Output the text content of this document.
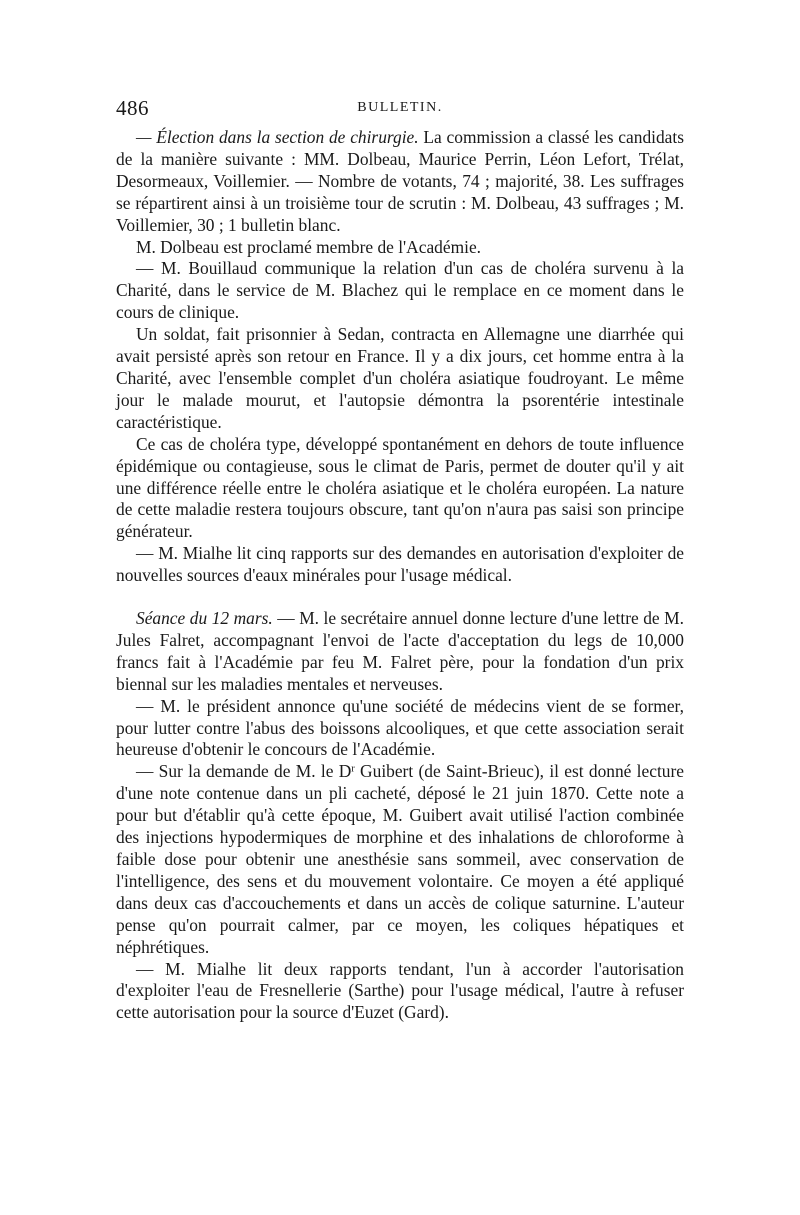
486	BULLETIN.

— Élection dans la section de chirurgie. La commission a classé les candidats de la manière suivante : MM. Dolbeau, Maurice Perrin, Léon Lefort, Trélat, Desormeaux, Voillemier. — Nombre de votants, 74 ; majorité, 38. Les suffrages se répartirent ainsi à un troisième tour de scrutin : M. Dolbeau, 43 suffrages ; M. Voillemier, 30 ; 1 bulletin blanc.

M. Dolbeau est proclamé membre de l'Académie.

— M. Bouillaud communique la relation d'un cas de choléra survenu à la Charité, dans le service de M. Blachez qui le remplace en ce moment dans le cours de clinique.

Un soldat, fait prisonnier à Sedan, contracta en Allemagne une diarrhée qui avait persisté après son retour en France. Il y a dix jours, cet homme entra à la Charité, avec l'ensemble complet d'un choléra asiatique foudroyant. Le même jour le malade mourut, et l'autopsie démontra la psorentérie intestinale caractéristique.

Ce cas de choléra type, développé spontanément en dehors de toute influence épidémique ou contagieuse, sous le climat de Paris, permet de douter qu'il y ait une différence réelle entre le choléra asiatique et le choléra européen. La nature de cette maladie restera toujours obscure, tant qu'on n'aura pas saisi son principe générateur.

— M. Mialhe lit cinq rapports sur des demandes en autorisation d'exploiter de nouvelles sources d'eaux minérales pour l'usage médical.

Séance du 12 mars. — M. le secrétaire annuel donne lecture d'une lettre de M. Jules Falret, accompagnant l'envoi de l'acte d'acceptation du legs de 10,000 francs fait à l'Académie par feu M. Falret père, pour la fondation d'un prix biennal sur les maladies mentales et nerveuses.

— M. le président annonce qu'une société de médecins vient de se former, pour lutter contre l'abus des boissons alcooliques, et que cette association serait heureuse d'obtenir le concours de l'Académie.

— Sur la demande de M. le $D^r$ Guibert (de Saint-Brieuc), il est donné lecture d'une note contenue dans un pli cacheté, déposé le 21 juin 1870. Cette note a pour but d'établir qu'à cette époque, M. Guibert avait utilisé l'action combinée des injections hypodermiques de morphine et des inhalations de chloroforme à faible dose pour obtenir une anesthésie sans sommeil, avec conservation de l'intelligence, des sens et du mouvement volontaire. Ce moyen a été appliqué dans deux cas d'accouchements et dans un accès de colique saturnine. L'auteur pense qu'on pourrait calmer, par ce moyen, les coliques hépatiques et néphrétiques.

— M. Mialhe lit deux rapports tendant, l'un à accorder l'autorisation d'exploiter l'eau de Fresnellerie (Sarthe) pour l'usage médical, l'autre à refuser cette autorisation pour la source d'Euzet (Gard).
